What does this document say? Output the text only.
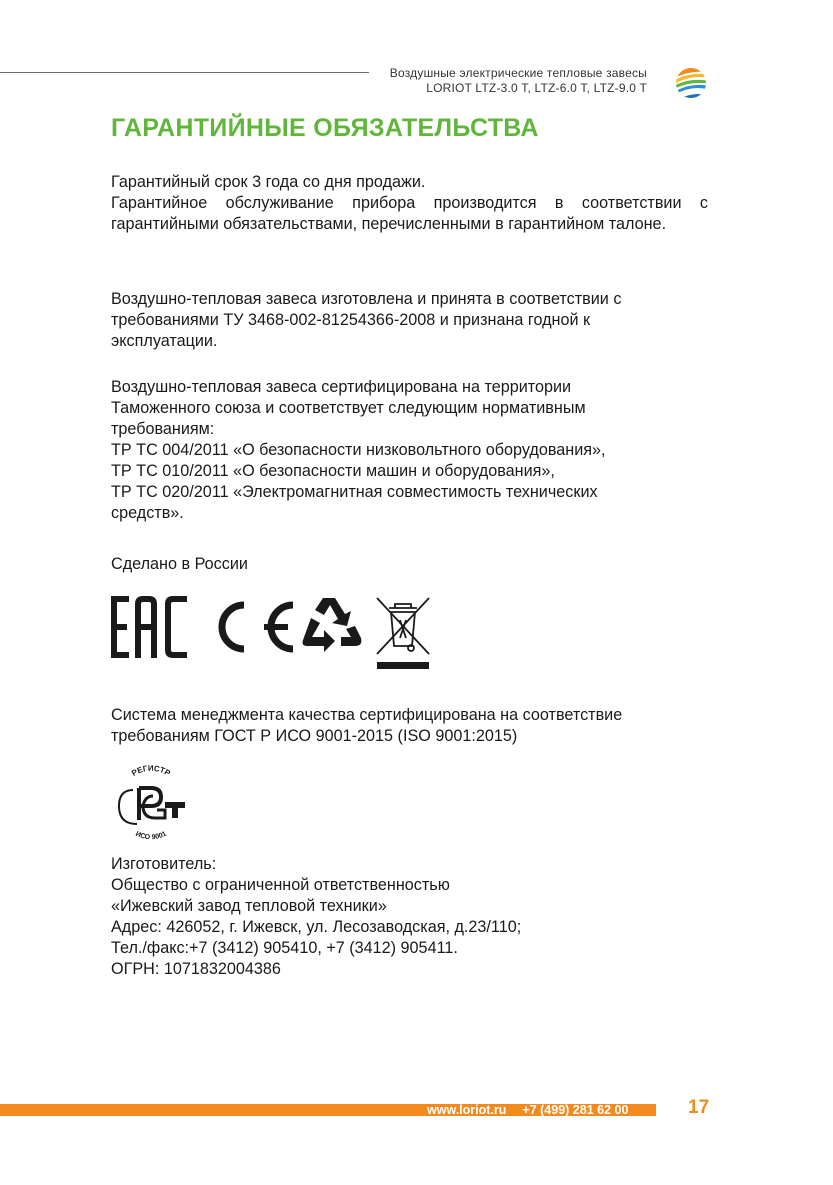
Воздушные электрические тепловые завесы
LORIOT LTZ-3.0 T, LTZ-6.0 T, LTZ-9.0 T
ГАРАНТИЙНЫЕ ОБЯЗАТЕЛЬСТВА

Гарантийный срок 3 года со дня продажи.

Гарантийное обслуживание прибора производится в соответствии с гарантийными обязательствами, перечисленными в гарантийном талоне.

Воздушно-тепловая завеса изготовлена и принята в соответствии с

требованиями ТУ 3468-002-81254366-2008 и признана годной к

эксплуатации.

Воздушно-тепловая завеса сертифицирована на территории

Таможенного союза и соответствует следующим нормативным

требованиям:

ТР ТС 004/2011 «О безопасности низковольтного оборудования»,

ТР ТС 010/2011 «О безопасности машин и оборудования»,

ТР ТС 020/2011 «Электромагнитная совместимость технических

средств».

Сделано в России

Система менеджмента качества сертифицирована на соответствие

требованиям ГОСТ Р ИСО 9001-2015 (ISO 9001:2015)

РЕГИСТР
ИСО 9001

Изготовитель:

Общество с ограниченной ответственностью

«Ижевский завод тепловой техники»

Адрес: 426052, г. Ижевск, ул. Лесозаводская, д.23/110;

Тел./факс:+7 (3412) 905410, +7 (3412) 905411.

ОГРН: 1071832004386

www.loriot.ru +7 (499) 281 62 00	17
